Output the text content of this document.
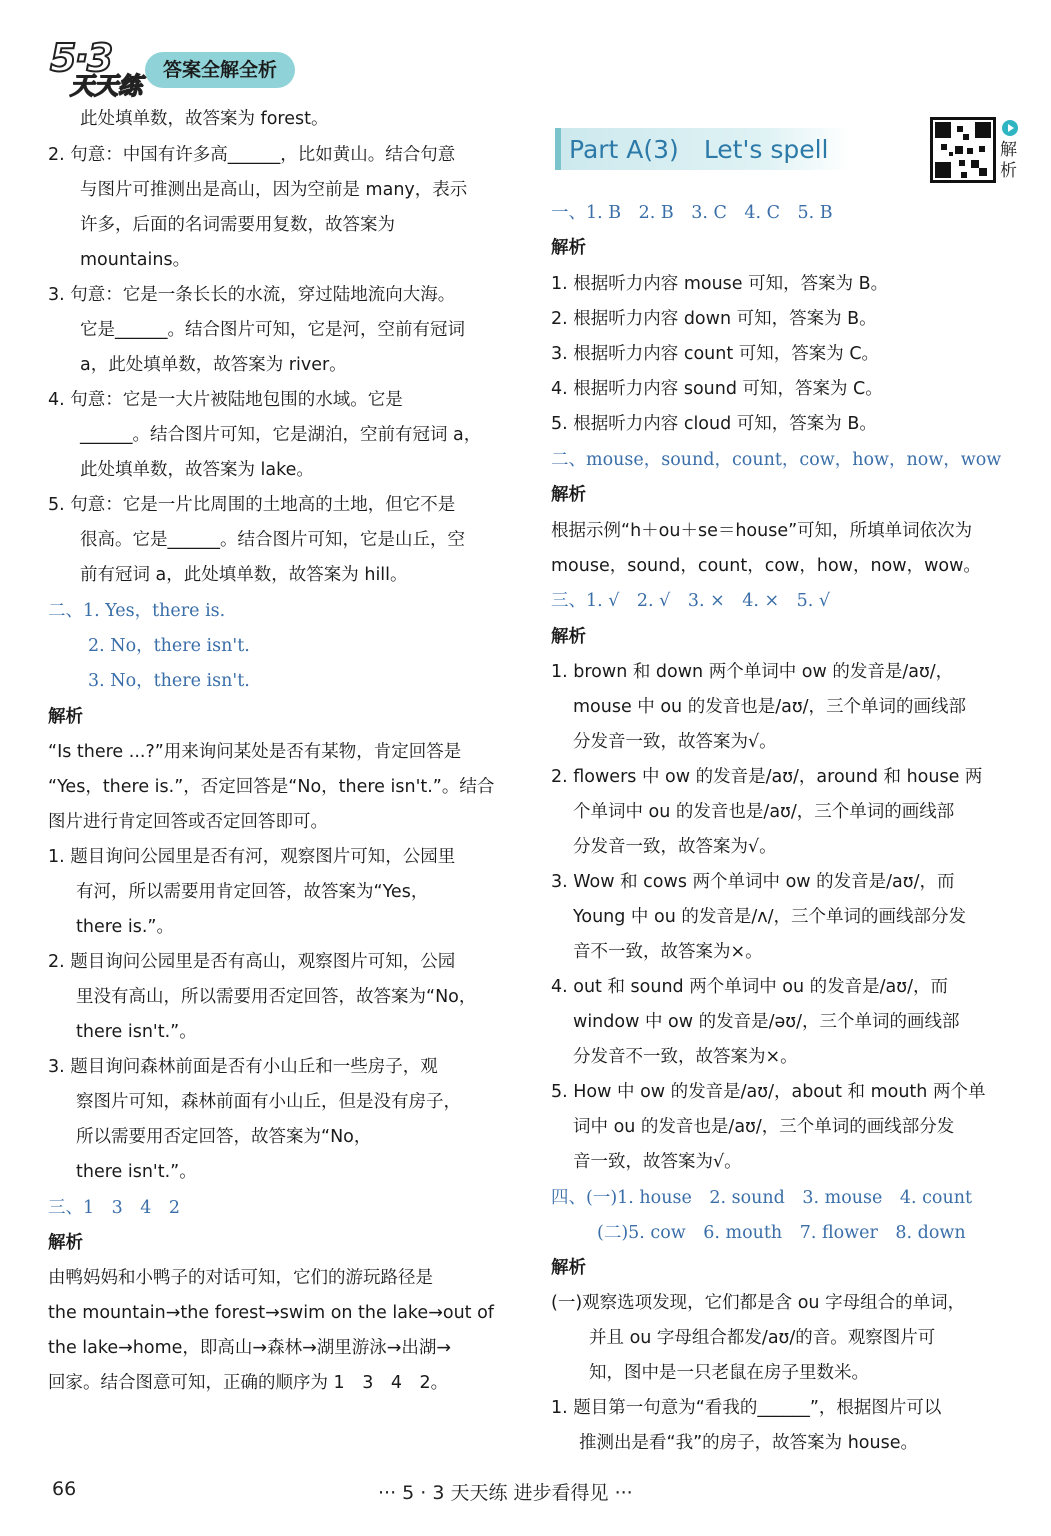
5·3
天天练
答案全解全析
此处填单数，故答案为 forest。
2. 句意：中国有许多高______，比如黄山。结合句意
与图片可推测出是高山，因为空前是 many，表示
许多，后面的名词需要用复数，故答案为
mountains。
3. 句意：它是一条长长的水流，穿过陆地流向大海。
它是______。结合图片可知，它是河，空前有冠词
a，此处填单数，故答案为 river。
4. 句意：它是一大片被陆地包围的水域。它是
______。结合图片可知，它是湖泊，空前有冠词 a，
此处填单数，故答案为 lake。
5. 句意：它是一片比周围的土地高的土地，但它不是
很高。它是______。结合图片可知，它是山丘，空
前有冠词 a，此处填单数，故答案为 hill。
二、1. Yes，there is.
2. No，there isn't.
3. No，there isn't.
解析
“Is there ...?”用来询问某处是否有某物，肯定回答是
“Yes，there is.”，否定回答是“No，there isn't.”。结合
图片进行肯定回答或否定回答即可。
1. 题目询问公园里是否有河，观察图片可知，公园里
有河，所以需要用肯定回答，故答案为“Yes，
there is.”。
2. 题目询问公园里是否有高山，观察图片可知，公园
里没有高山，所以需要用否定回答，故答案为“No，
there isn't.”。
3. 题目询问森林前面是否有小山丘和一些房子，观
察图片可知，森林前面有小山丘，但是没有房子，
所以需要用否定回答，故答案为“No，
there isn't.”。
三、1　3　4　2
解析
由鸭妈妈和小鸭子的对话可知，它们的游玩路径是
the mountain→the forest→swim on the lake→out of
the lake→home，即高山→森林→湖里游泳→出湖→
回家。结合图意可知，正确的顺序为 1　3　4　2。
Part A(3)　Let's spell	解析
一、1. B　2. B　3. C　4. C　5. B
解析
1. 根据听力内容 mouse 可知，答案为 B。
2. 根据听力内容 down 可知，答案为 B。
3. 根据听力内容 count 可知，答案为 C。
4. 根据听力内容 sound 可知，答案为 C。
5. 根据听力内容 cloud 可知，答案为 B。
二、mouse，sound，count，cow，how，now，wow
解析
根据示例“h＋ou＋se＝house”可知，所填单词依次为
mouse，sound，count，cow，how，now，wow。
三、1. √　2. √　3. ×　4. ×　5. √
解析
1. brown 和 down 两个单词中 ow 的发音是/aʊ/，
mouse 中 ou 的发音也是/aʊ/，三个单词的画线部
分发音一致，故答案为√。
2. flowers 中 ow 的发音是/aʊ/，around 和 house 两
个单词中 ou 的发音也是/aʊ/，三个单词的画线部
分发音一致，故答案为√。
3. Wow 和 cows 两个单词中 ow 的发音是/aʊ/，而
Young 中 ou 的发音是/ʌ/，三个单词的画线部分发
音不一致，故答案为×。
4. out 和 sound 两个单词中 ou 的发音是/aʊ/，而
window 中 ow 的发音是/əʊ/，三个单词的画线部
分发音不一致，故答案为×。
5. How 中 ow 的发音是/aʊ/，about 和 mouth 两个单
词中 ou 的发音也是/aʊ/，三个单词的画线部分发
音一致，故答案为√。
四、(一)1. house　2. sound　3. mouse　4. count
(二)5. cow　6. mouth　7. flower　8. down
解析
(一)观察选项发现，它们都是含 ou 字母组合的单词，
并且 ou 字母组合都发/aʊ/的音。观察图片可
知，图中是一只老鼠在房子里数米。
1. 题目第一句意为“看我的______”，根据图片可以
推测出是看“我”的房子，故答案为 house。
66	··· 5 · 3 天天练 进步看得见 ···
